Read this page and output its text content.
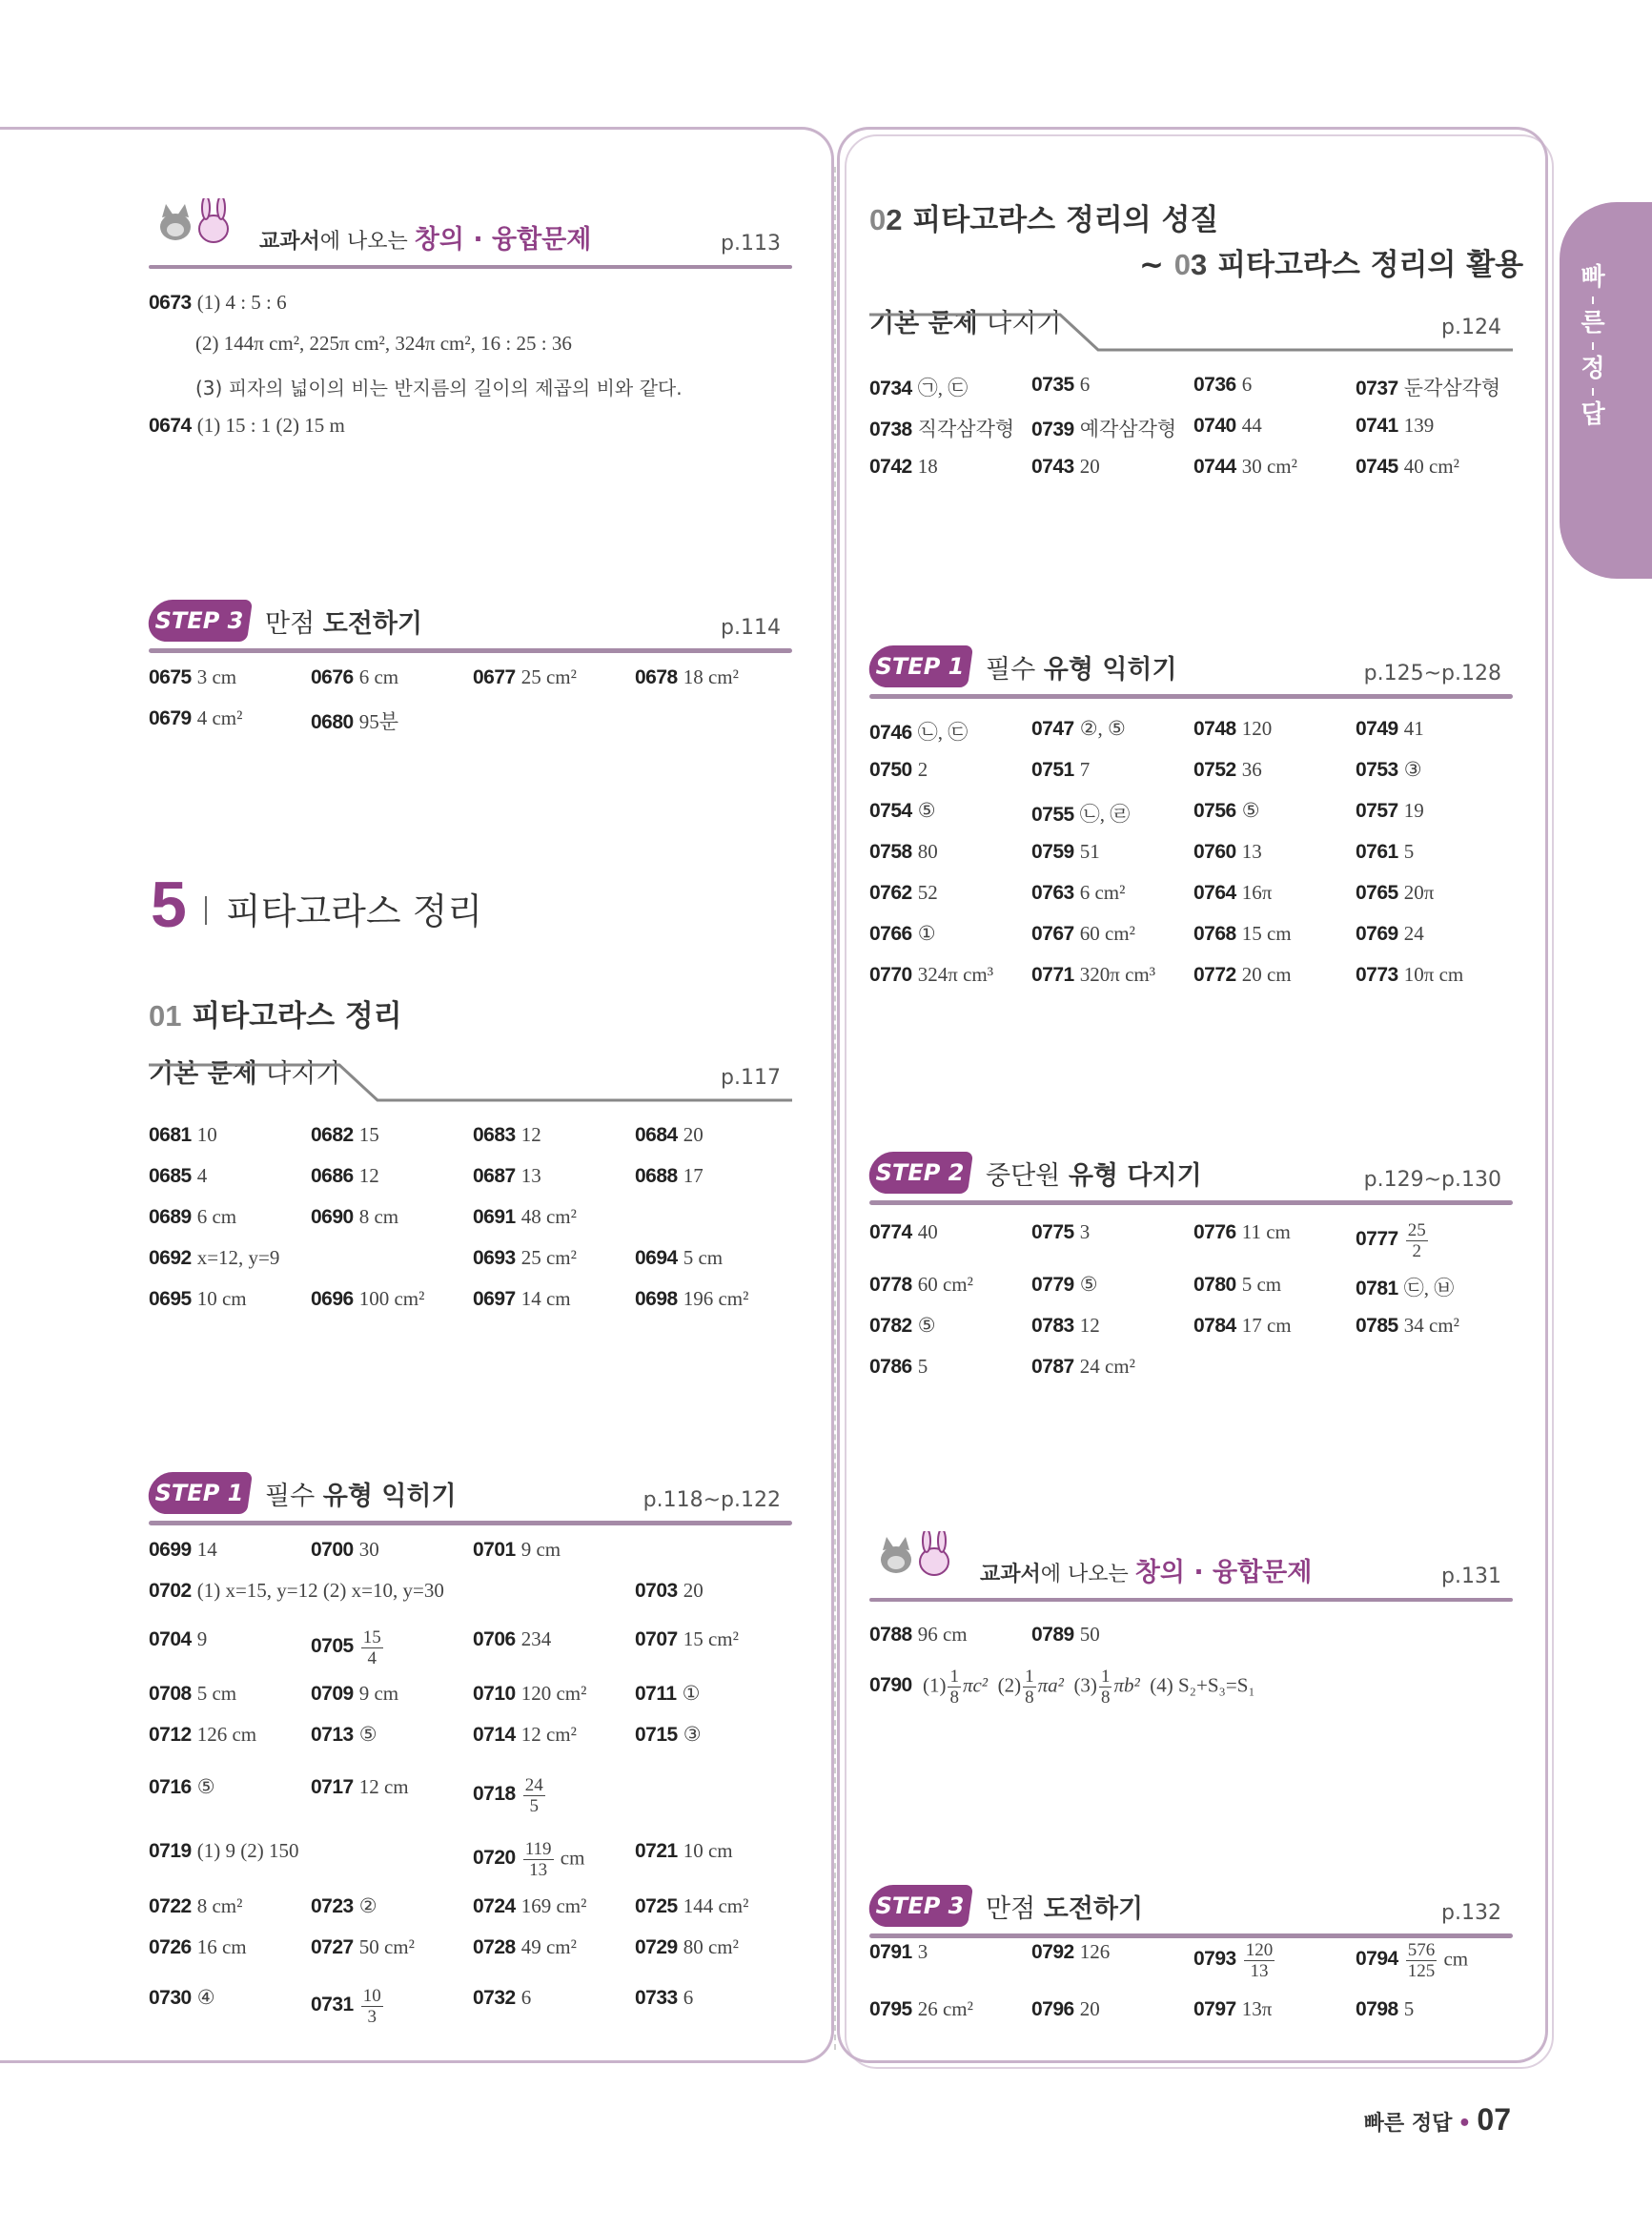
빠
른
정
답
교과서에 나오는 창의 · 융합문제	p.113
0673 (1) 4 : 5 : 6
(2) 144π cm², 225π cm², 324π cm², 16 : 25 : 36
(3) 피자의 넓이의 비는 반지름의 길이의 제곱의 비와 같다.
0674 (1) 15 : 1 (2) 15 m
STEP 3 만점 도전하기	p.114
0675 3 cm	0676 6 cm	0677 25 cm²	0678 18 cm²
0679 4 cm²	0680 95분
5 피타고라스 정리
01 피타고라스 정리
기본 문제 다지기	p.117
0681 10	0682 15	0683 12	0684 20
0685 4	0686 12	0687 13	0688 17
0689 6 cm	0690 8 cm	0691 48 cm²
0692 x=12, y=9	0693 25 cm²	0694 5 cm
0695 10 cm	0696 100 cm² 0697 14 cm	0698 196 cm²
STEP 1 필수 유형 익히기	p.118~p.122
0699 14	0700 30	0701 9 cm
0702 (1) x=15, y=12 (2) x=10, y=30	0703 20
0704 9	$0705 \frac{15}{4}$	0706 234	0707 15 cm²
0708 5 cm	0709 9 cm	0710 120 cm² 0711 ①
0712 126 cm	0713 ⑤	0714 12 cm²	0715 ③
0716 ⑤	0717 12 cm	$0718 \frac{24}{5}$
0719 (1) 9 (2) 150	$0720 \frac{119}{13}$ cm	0721 10 cm
0722 8 cm²	0723 ②	0724 169 cm² 0725 144 cm²
0726 16 cm	0727 50 cm²	0728 49 cm²	0729 80 cm²
0730 ④	$0731 \frac{10}{3}$	0732 6	0733 6
02 피타고라스 정리의 성질
~ 03 피타고라스 정리의 활용
기본 문제 다지기	p.124
0734 ㉠, ㉢	0735 6	0736 6	0737 둔각삼각형
0738 직각삼각형 0739 예각삼각형 0740 44	0741 139
0742 18	0743 20	0744 30 cm²	0745 40 cm²
STEP 1 필수 유형 익히기	p.125~p.128
0746 ㉡, ㉢	0747 ②, ⑤	0748 120	0749 41
0750 2	0751 7	0752 36	0753 ③
0754 ⑤	0755 ㉡, ㉣	0756 ⑤	0757 19
0758 80	0759 51	0760 13	0761 5
0762 52	0763 6 cm²	0764 16π	0765 20π
0766 ①	0767 60 cm²	0768 15 cm	0769 24
0770 324π cm³ 0771 320π cm³ 0772 20 cm	0773 10π cm
STEP 2 중단원 유형 다지기	p.129~p.130
0774 40	0775 3	0776 11 cm	$0777 \frac{25}{2}$
0778 60 cm²	0779 ⑤	0780 5 cm	0781 ㉢, ㉥
0782 ⑤	0783 12	0784 17 cm	0785 34 cm²
0786 5	0787 24 cm²
교과서에 나오는 창의 · 융합문제	p.131
0788 96 cm	0789 50
0790 $(1) \frac{1}{8} \pi c^2$ $(2) \frac{1}{8} \pi a^2$ $(3) \frac{1}{8} \pi b^2$ (4) S₂+S₃=S₁
STEP 3 만점 도전하기	p.132
0791 3	0792 126	$0793 \frac{120}{13}$	$0794 \frac{576}{125}$ cm
0795 26 cm²	0796 20	0797 13π	0798 5
빠른 정답 • 07
